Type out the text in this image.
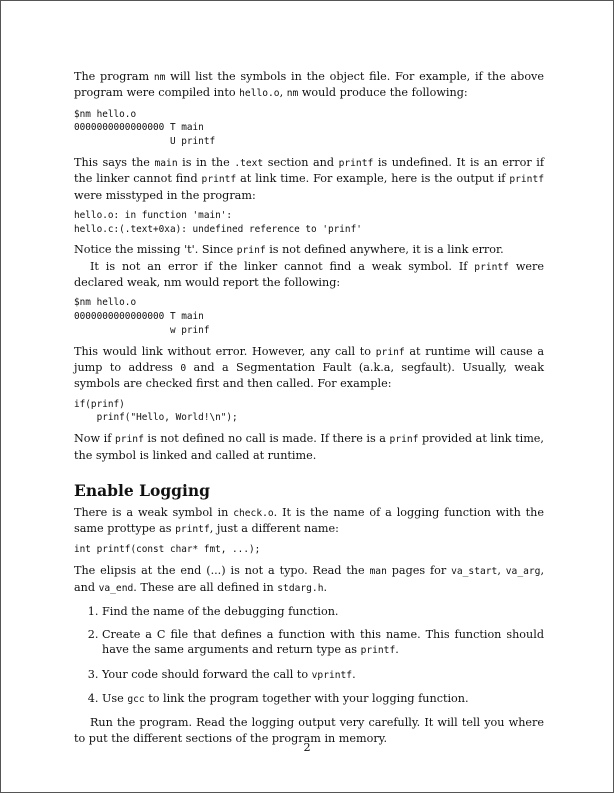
The program nm will list the symbols in the object file. For example, if the above program were compiled into hello.o, nm would produce the following:

$nm hello.o
0000000000000000 T main
U printf

This says the main is in the .text section and printf is undefined. It is an error if the linker cannot find printf at link time. For example, here is the output if printf were misstyped in the program:

hello.o: in function 'main':
hello.c:(.text+0xa): undefined reference to 'prinf'

Notice the missing 't'. Since prinf is not defined anywhere, it is a link error.

It is not an error if the linker cannot find a weak symbol. If printf were declared weak, nm would report the following:

$nm hello.o
0000000000000000 T main
w prinf

This would link without error. However, any call to prinf at runtime will cause a jump to address 0 and a Segmentation Fault (a.k.a, segfault). Usually, weak symbols are checked first and then called. For example:

if(prinf)
prinf("Hello, World!\n");

Now if prinf is not defined no call is made. If there is a prinf provided at link time, the symbol is linked and called at runtime.

Enable Logging

There is a weak symbol in check.o. It is the name of a logging function with the same prottype as printf, just a different name:

int printf(const char* fmt, ...);

The elipsis at the end (...) is not a typo. Read the man pages for va_start, va_arg, and va_end. These are all defined in stdarg.h.

1. Find the name of the debugging function.
2. Create a C file that defines a function with this name. This function should have the same arguments and return type as printf.
3. Your code should forward the call to vprintf.
4. Use gcc to link the program together with your logging function.

Run the program. Read the logging output very carefully. It will tell you where to put the different sections of the program in memory.

2
